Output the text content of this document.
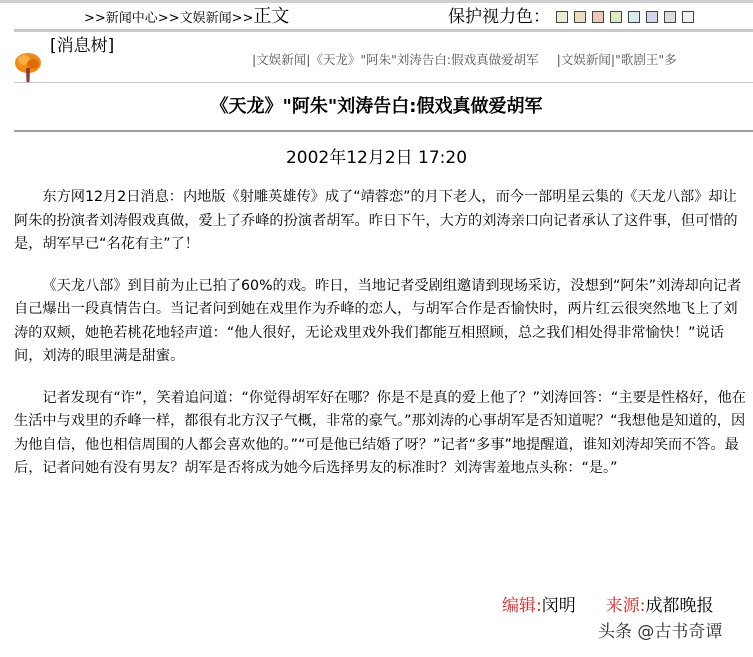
>>新闻中心>>文娱新闻>>正文	保护视力色：
[消息树]
|文娱新闻|《天龙》"阿朱"刘涛告白:假戏真做爱胡军 |文娱新闻|"歌剧王"多
《天龙》"阿朱"刘涛告白:假戏真做爱胡军
2002年12月2日 17:20

东方网12月2日消息：内地版《射雕英雄传》成了“靖蓉恋”的月下老人，而今一部明星云集的《天龙八部》却让阿朱的扮演者刘涛假戏真做，爱上了乔峰的扮演者胡军。昨日下午，大方的刘涛亲口向记者承认了这件事，但可惜的是，胡军早已“名花有主”了！

《天龙八部》到目前为止已拍了60%的戏。昨日，当地记者受剧组邀请到现场采访，没想到“阿朱”刘涛却向记者自己爆出一段真情告白。当记者问到她在戏里作为乔峰的恋人，与胡军合作是否愉快时，两片红云很突然地飞上了刘涛的双颊，她艳若桃花地轻声道：“他人很好，无论戏里戏外我们都能互相照顾，总之我们相处得非常愉快！”说话间，刘涛的眼里满是甜蜜。

记者发现有“诈”，笑着追问道：“你觉得胡军好在哪？你是不是真的爱上他了？”刘涛回答：“主要是性格好，他在生活中与戏里的乔峰一样，都很有北方汉子气概，非常的豪气。”那刘涛的心事胡军是否知道呢？“我想他是知道的，因为他自信，他也相信周围的人都会喜欢他的。”“可是他已结婚了呀？”记者“多事”地提醒道，谁知刘涛却笑而不答。最后，记者问她有没有男友？胡军是否将成为她今后选择男友的标准时？刘涛害羞地点头称：“是。”

编辑:闵明 来源:成都晚报
头条 @古书奇谭
